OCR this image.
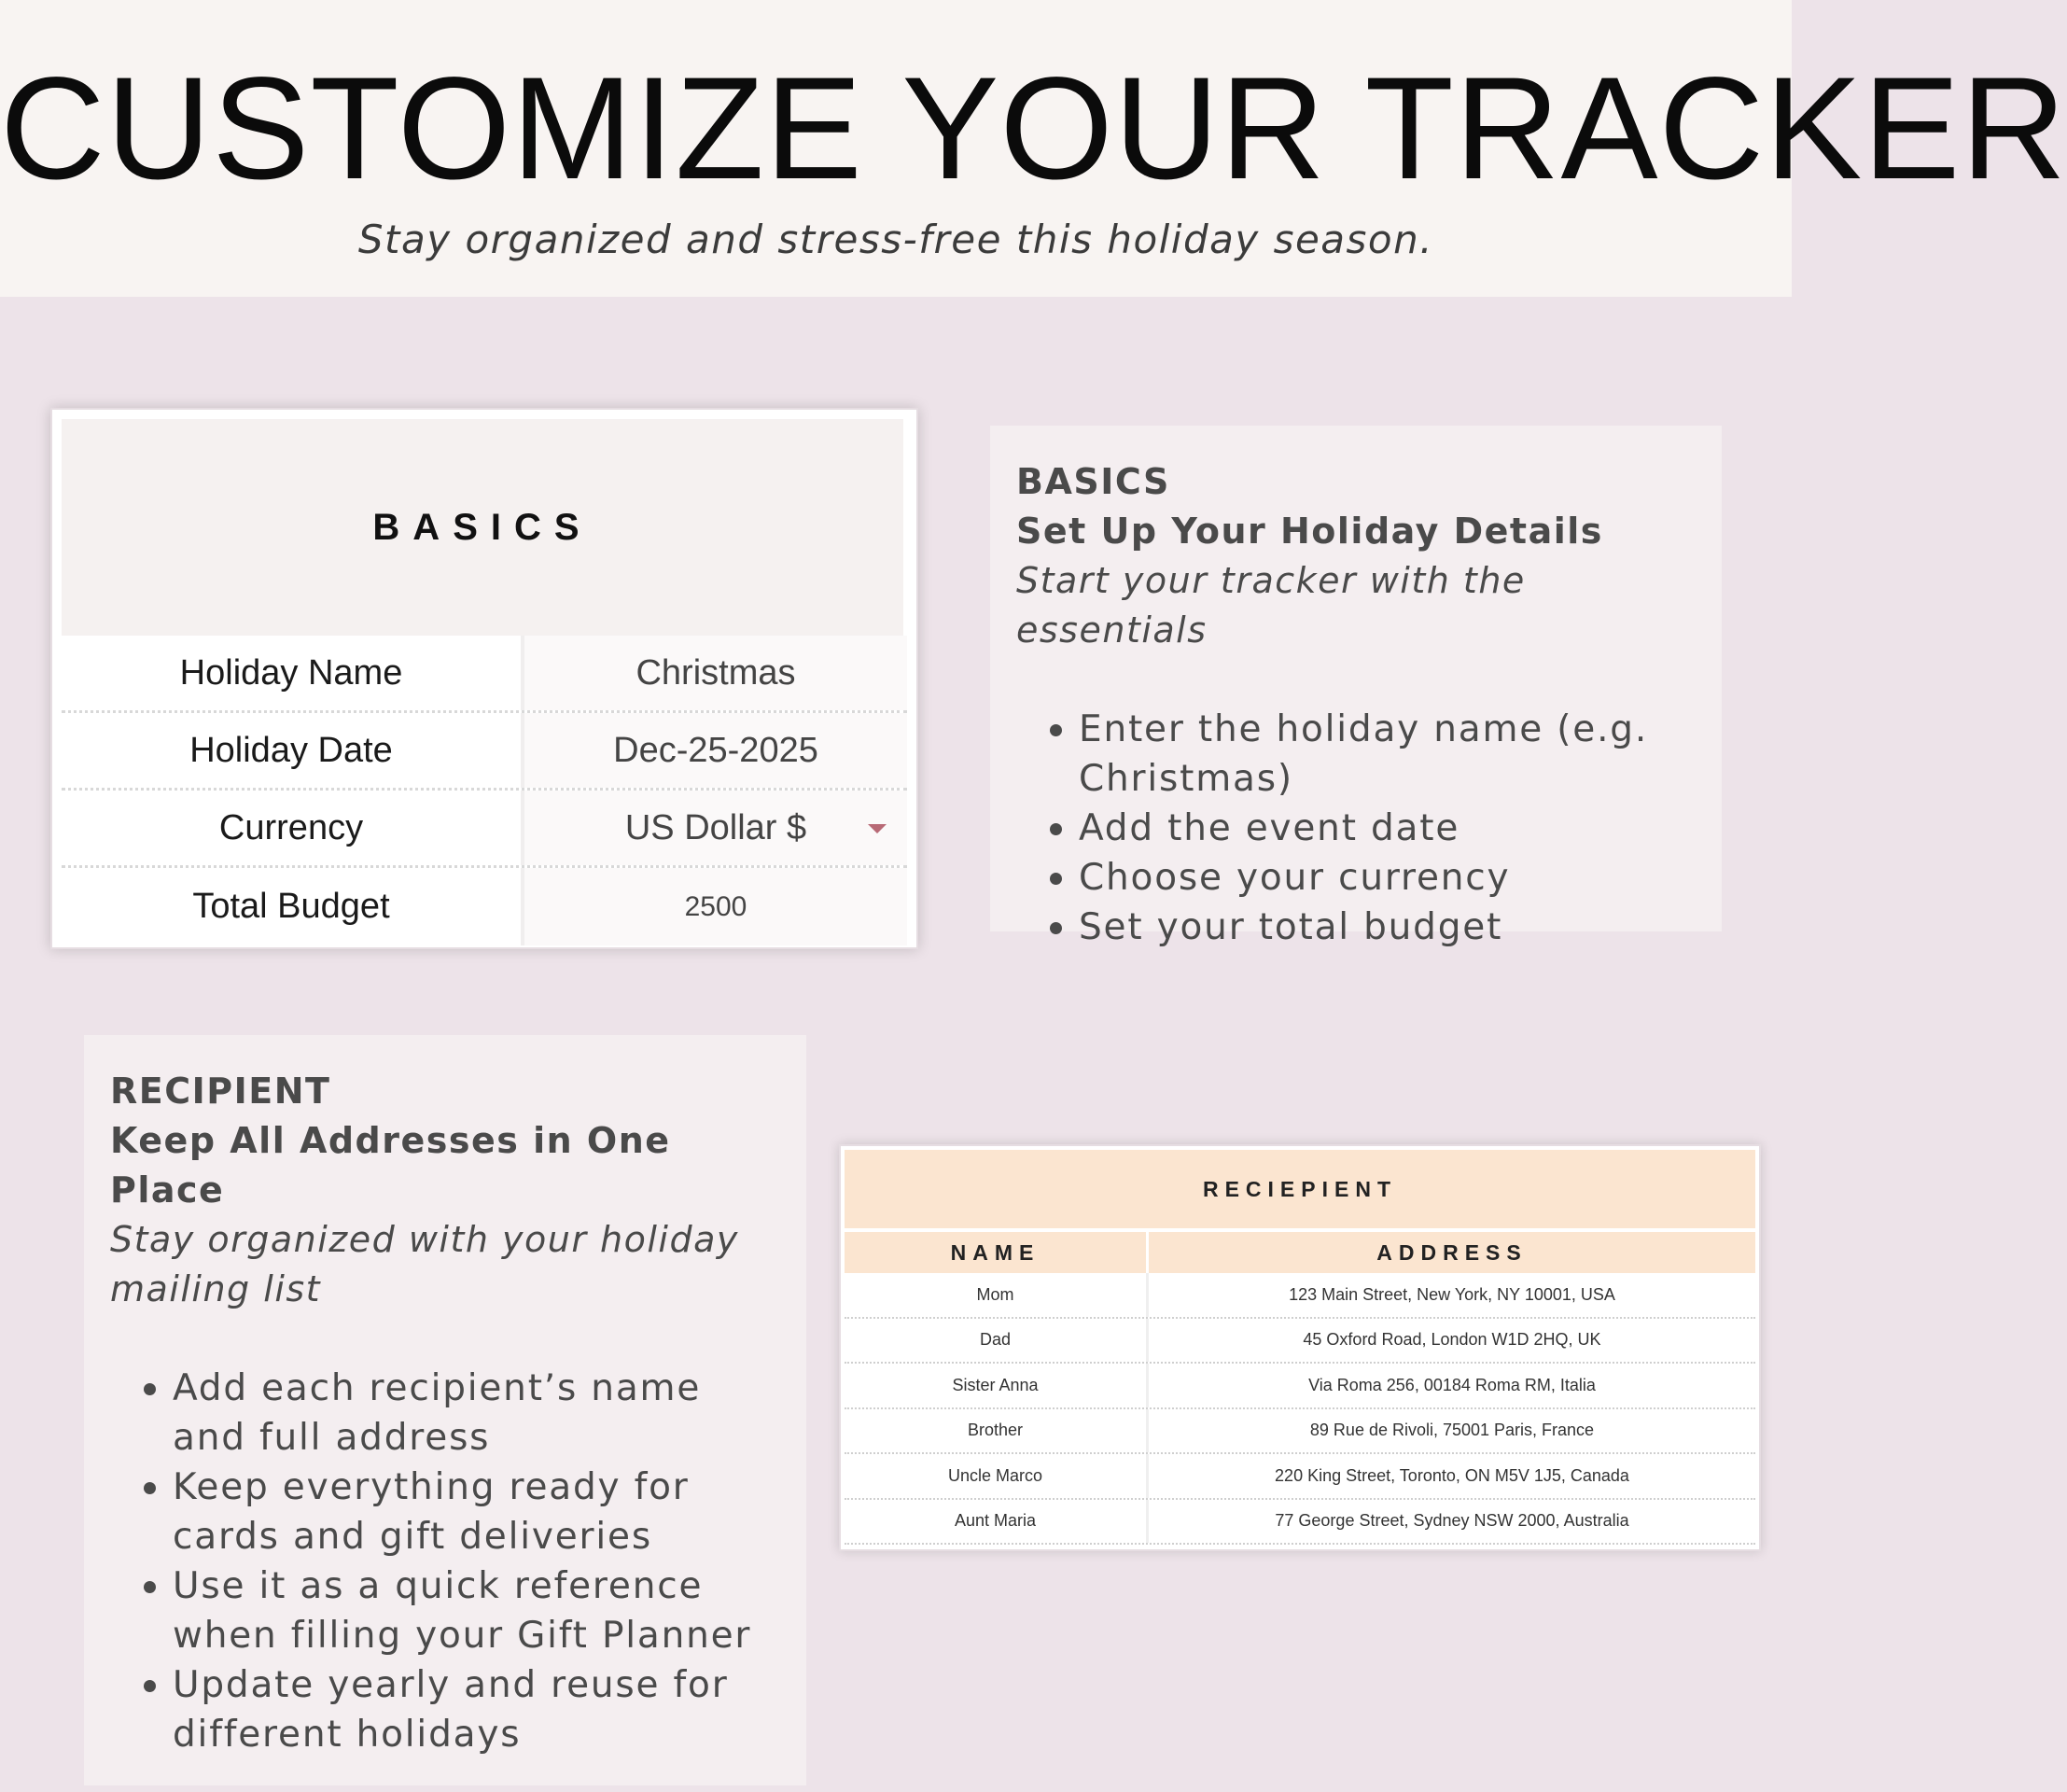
CUSTOMIZE YOUR TRACKER
Stay organized and stress-free this holiday season.
BASICS
Holiday Name	Christmas
Holiday Date	Dec-25-2025
Currency	US Dollar $
Total Budget	2500
BASICS
Set Up Your Holiday Details
Start your tracker with the essentials
Enter the holiday name (e.g. Christmas)
Add the event date
Choose your currency
Set your total budget
RECIPIENT
Keep All Addresses in One Place
Stay organized with your holiday mailing list
Add each recipient’s name and full address
Keep everything ready for cards and gift deliveries
Use it as a quick reference when filling your Gift Planner
Update yearly and reuse for different holidays
RECIEPIENT
NAME	ADDRESS
Mom	123 Main Street, New York, NY 10001, USA
Dad	45 Oxford Road, London W1D 2HQ, UK
Sister Anna	Via Roma 256, 00184 Roma RM, Italia
Brother	89 Rue de Rivoli, 75001 Paris, France
Uncle Marco	220 King Street, Toronto, ON M5V 1J5, Canada
Aunt Maria	77 George Street, Sydney NSW 2000, Australia
